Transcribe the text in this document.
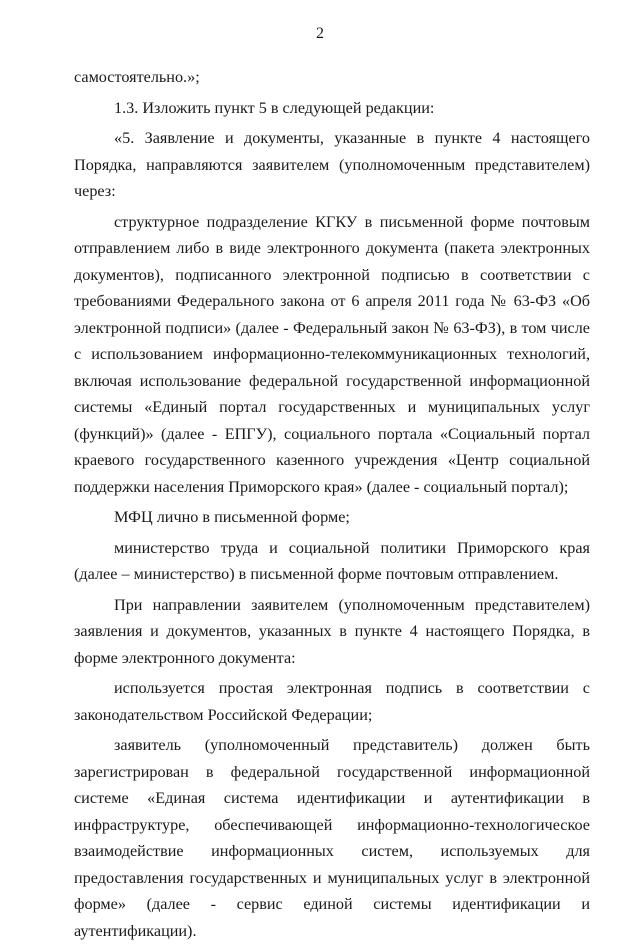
2

самостоятельно.»;

1.3. Изложить пункт 5 в следующей редакции:

«5. Заявление и документы, указанные в пункте 4 настоящего Порядка, направляются заявителем (уполномоченным представителем) через:

структурное подразделение КГКУ в письменной форме почтовым отправлением либо в виде электронного документа (пакета электронных документов), подписанного электронной подписью в соответствии с требованиями Федерального закона от 6 апреля 2011 года № 63-ФЗ «Об электронной подписи» (далее - Федеральный закон № 63-ФЗ), в том числе с использованием информационно-телекоммуникационных технологий, включая использование федеральной государственной информационной системы «Единый портал государственных и муниципальных услуг (функций)» (далее - ЕПГУ), социального портала «Социальный портал краевого государственного казенного учреждения «Центр социальной поддержки населения Приморского края» (далее - социальный портал);

МФЦ лично в письменной форме;

министерство труда и социальной политики Приморского края (далее – министерство) в письменной форме почтовым отправлением.

При направлении заявителем (уполномоченным представителем) заявления и документов, указанных в пункте 4 настоящего Порядка, в форме электронного документа:

используется простая электронная подпись в соответствии с законодательством Российской Федерации;

заявитель (уполномоченный представитель) должен быть зарегистрирован в федеральной государственной информационной системе «Единая система идентификации и аутентификации в инфраструктуре, обеспечивающей информационно-технологическое взаимодействие информационных систем, используемых для предоставления государственных и муниципальных услуг в электронной форме» (далее - сервис единой системы идентификации и аутентификации).
